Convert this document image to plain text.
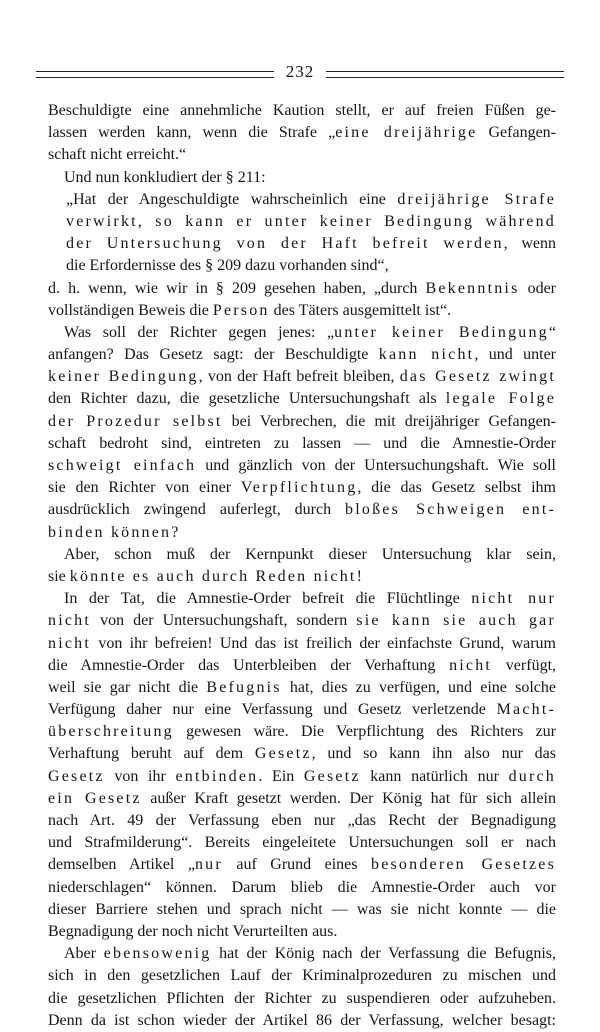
232
Beschuldigte eine annehmliche Kaution stellt, er auf freien Füßen ge-
lassen werden kann, wenn die Strafe „eine dreijährige Gefangen-
schaft nicht erreicht.“
Und nun konkludiert der § 211:
„Hat der Angeschuldigte wahrscheinlich eine dreijährige Strafe
verwirkt, so kann er unter keiner Bedingung während
der Untersuchung von der Haft befreit werden, wenn
die Erfordernisse des § 209 dazu vorhanden sind“,
d. h. wenn, wie wir in § 209 gesehen haben, „durch Bekenntnis oder
vollständigen Beweis die Person des Täters ausgemittelt ist“.
Was soll der Richter gegen jenes: „unter keiner Bedingung“
anfangen? Das Gesetz sagt: der Beschuldigte kann nicht, und unter
keiner Bedingung, von der Haft befreit bleiben, das Gesetz zwingt
den Richter dazu, die gesetzliche Untersuchungshaft als legale Folge
der Prozedur selbst bei Verbrechen, die mit dreijähriger Gefangen-
schaft bedroht sind, eintreten zu lassen — und die Amnestie-Order
schweigt einfach und gänzlich von der Untersuchungshaft. Wie soll
sie den Richter von einer Verpflichtung, die das Gesetz selbst ihm
ausdrücklich zwingend auferlegt, durch bloßes Schweigen ent-
binden können?
Aber, schon muß der Kernpunkt dieser Untersuchung klar sein,
sie könnte es auch durch Reden nicht!
In der Tat, die Amnestie-Order befreit die Flüchtlinge nicht nur
nicht von der Untersuchungshaft, sondern sie kann sie auch gar
nicht von ihr befreien! Und das ist freilich der einfachste Grund, warum
die Amnestie-Order das Unterbleiben der Verhaftung nicht verfügt,
weil sie gar nicht die Befugnis hat, dies zu verfügen, und eine solche
Verfügung daher nur eine Verfassung und Gesetz verletzende Macht-
überschreitung gewesen wäre. Die Verpflichtung des Richters zur
Verhaftung beruht auf dem Gesetz, und so kann ihn also nur das
Gesetz von ihr entbinden. Ein Gesetz kann natürlich nur durch
ein Gesetz außer Kraft gesetzt werden. Der König hat für sich allein
nach Art. 49 der Verfassung eben nur „das Recht der Begnadigung
und Strafmilderung“. Bereits eingeleitete Untersuchungen soll er nach
demselben Artikel „nur auf Grund eines besonderen Gesetzes
niederschlagen“ können. Darum blieb die Amnestie-Order auch vor
dieser Barriere stehen und sprach nicht — was sie nicht konnte — die
Begnadigung der noch nicht Verurteilten aus.
Aber ebensowenig hat der König nach der Verfassung die Befugnis,
sich in den gesetzlichen Lauf der Kriminalprozeduren zu mischen und
die gesetzlichen Pflichten der Richter zu suspendieren oder aufzuheben.
Denn da ist schon wieder der Artikel 86 der Verfassung, welcher besagt:
